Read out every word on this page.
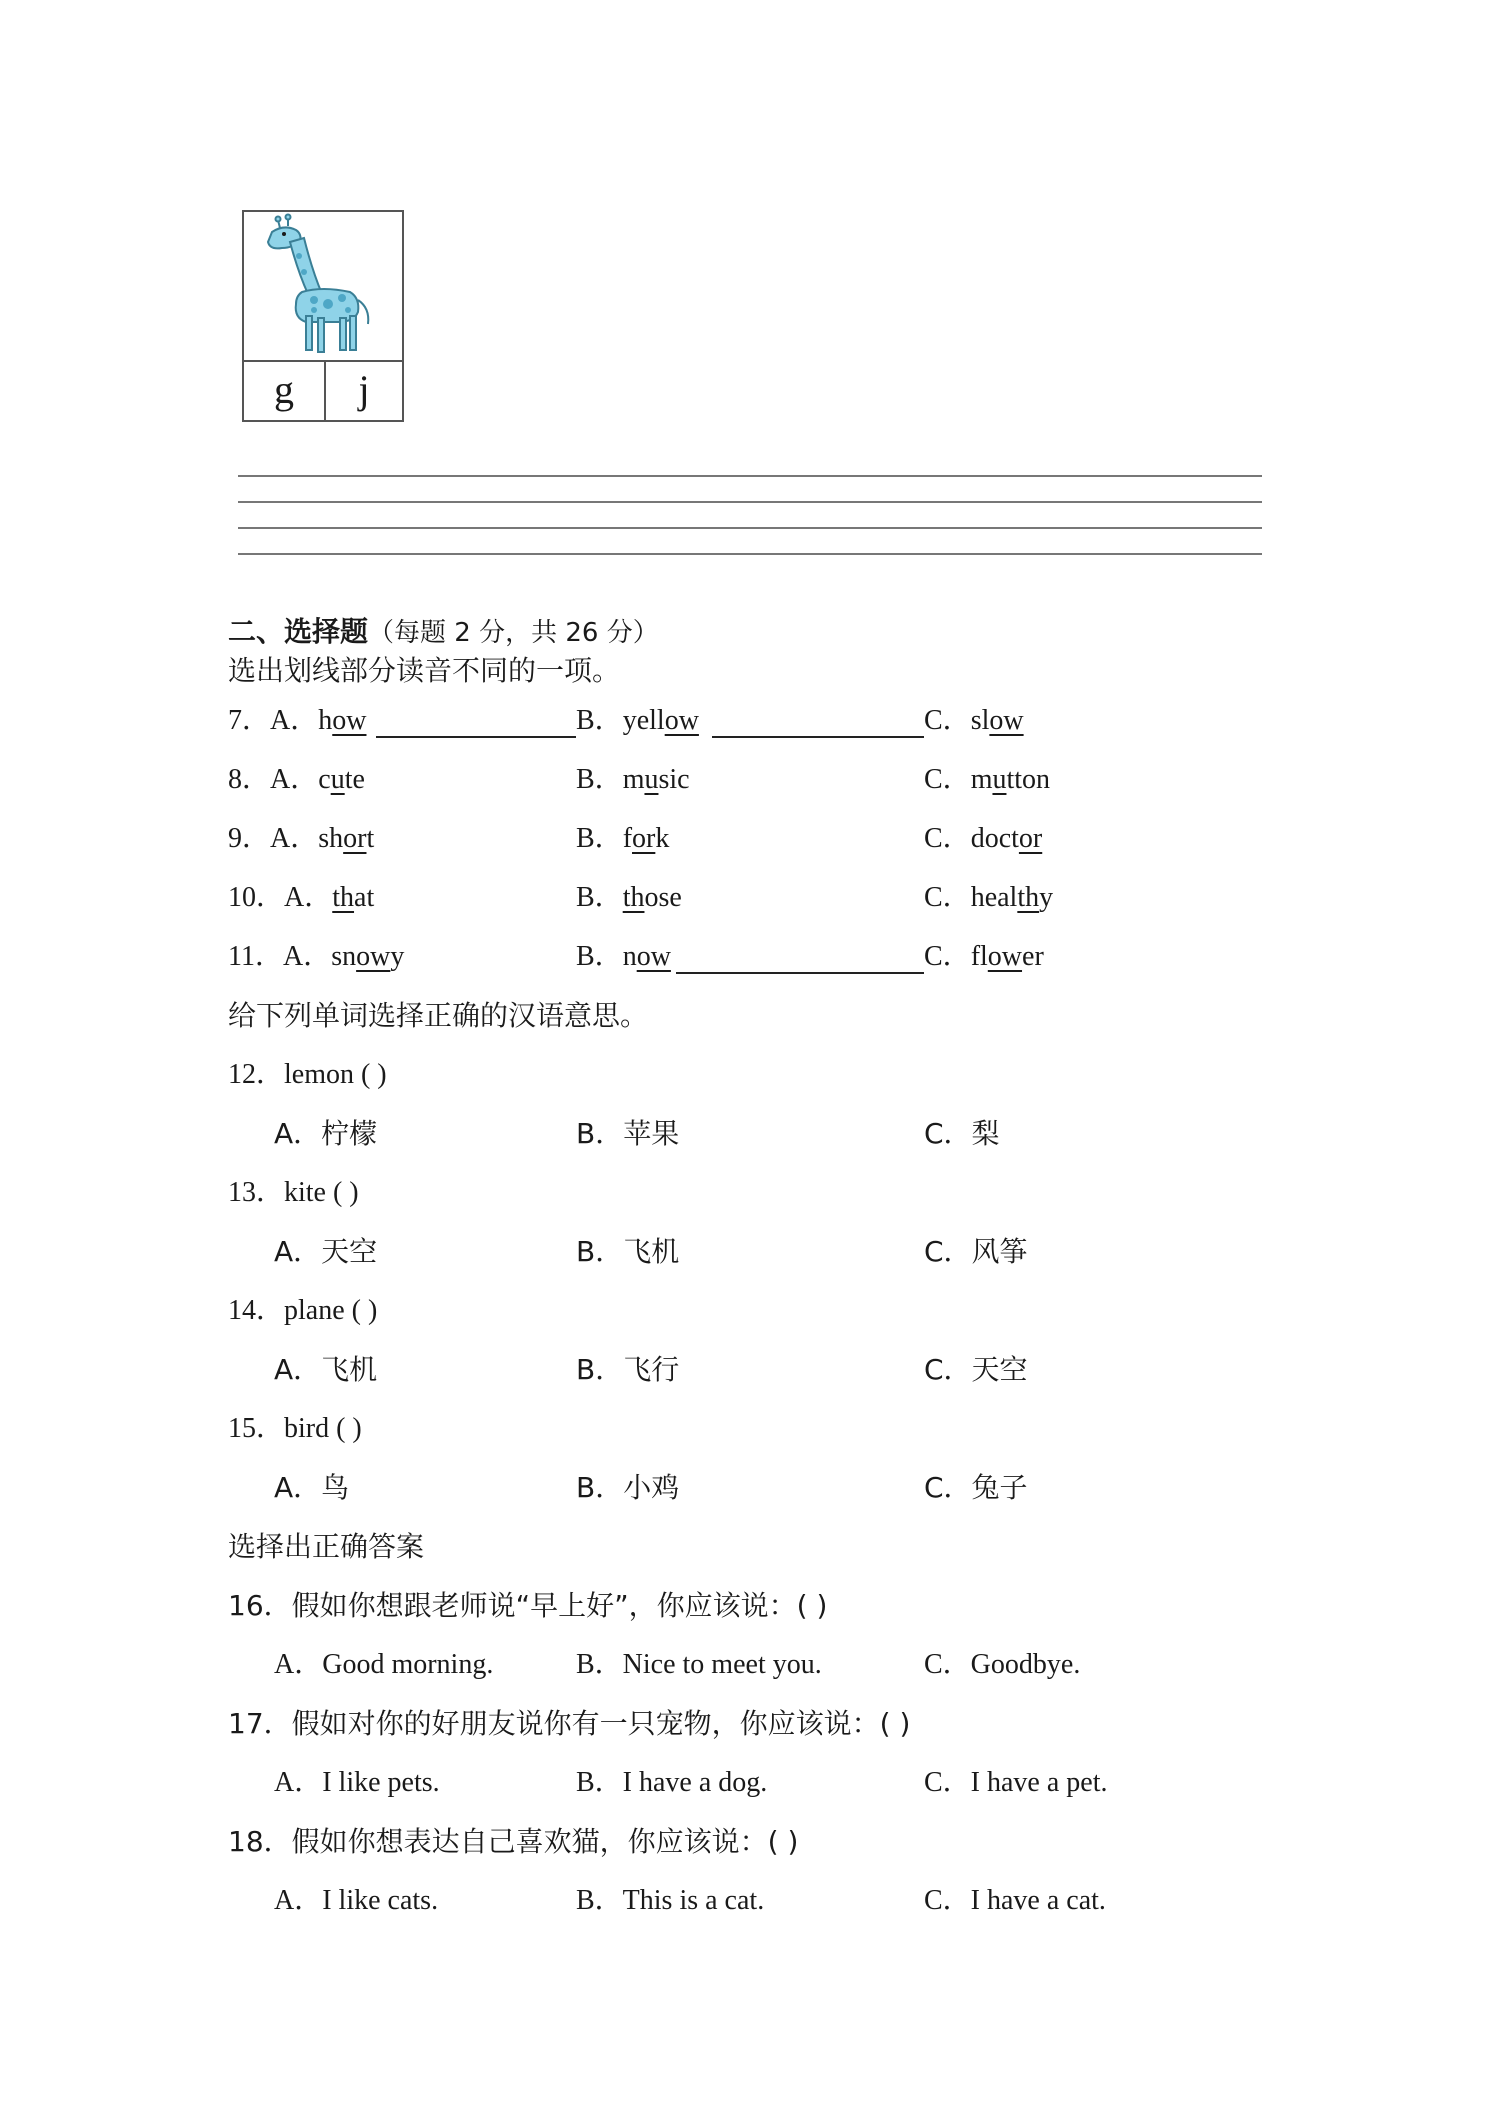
g	j
二、选择题（每题 2 分，共 26 分）
选出划线部分读音不同的一项。
7．A．how	B．yellow	C．slow
8．A．cute	B．music	C．mutton
9．A．short	B．fork	C．doctor
10．A．that	B．those	C．healthy
11．A．snowy	B．now	C．flower
给下列单词选择正确的汉语意思。
12．lemon ( )
A．柠檬	B．苹果	C．梨
13．kite ( )
A．天空	B．飞机	C．风筝
14．plane ( )
A．飞机	B．飞行	C．天空
15．bird ( )
A．鸟	B．小鸡	C．兔子
选择出正确答案
16．假如你想跟老师说“早上好”，你应该说：( )
A．Good morning.	B．Nice to meet you.	C．Goodbye.
17．假如对你的好朋友说你有一只宠物，你应该说：( )
A．I like pets.	B．I have a dog.	C．I have a pet.
18．假如你想表达自己喜欢猫，你应该说：( )
A．I like cats.	B．This is a cat.	C．I have a cat.
